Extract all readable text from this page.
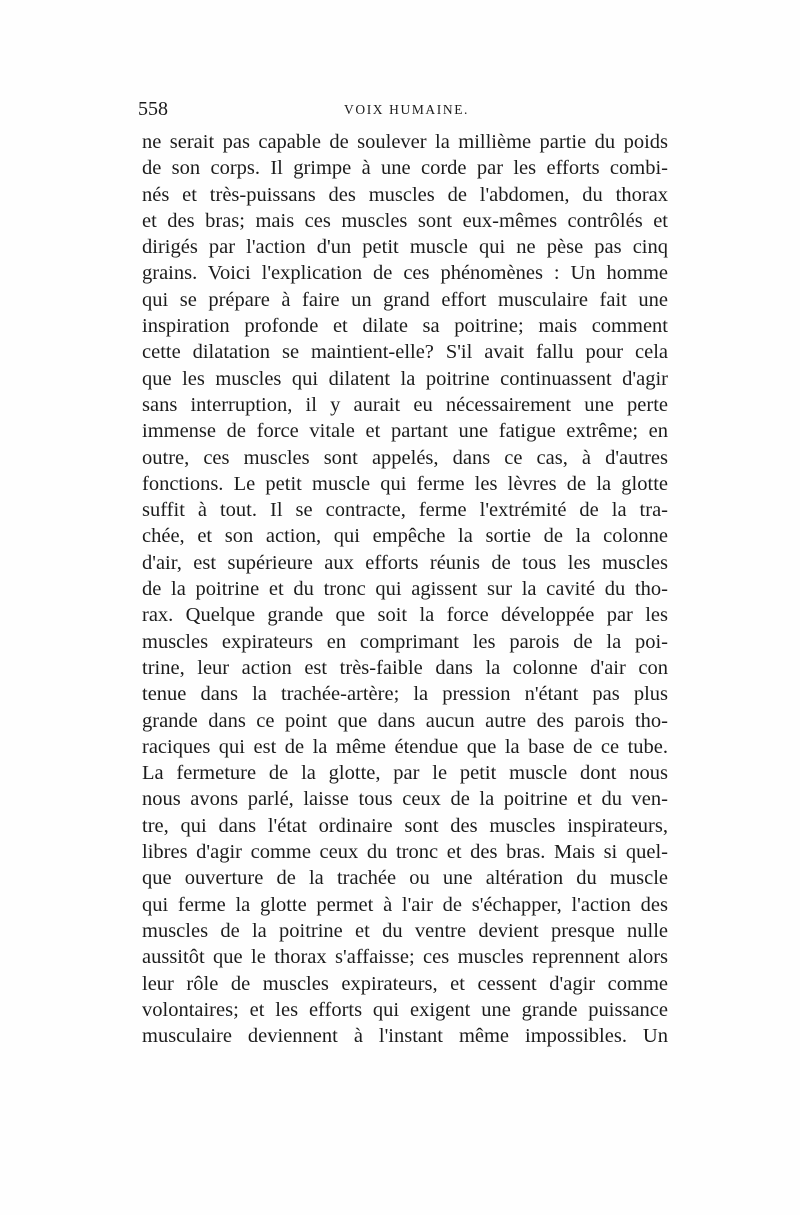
558	VOIX HUMAINE.
ne serait pas capable de soulever la millième partie du poids
de son corps. Il grimpe à une corde par les efforts combi-
nés et très-puissans des muscles de l'abdomen, du thorax
et des bras; mais ces muscles sont eux-mêmes contrôlés et
dirigés par l'action d'un petit muscle qui ne pèse pas cinq
grains. Voici l'explication de ces phénomènes : Un homme
qui se prépare à faire un grand effort musculaire fait une
inspiration profonde et dilate sa poitrine; mais comment
cette dilatation se maintient-elle? S'il avait fallu pour cela
que les muscles qui dilatent la poitrine continuassent d'agir
sans interruption, il y aurait eu nécessairement une perte
immense de force vitale et partant une fatigue extrême; en
outre, ces muscles sont appelés, dans ce cas, à d'autres
fonctions. Le petit muscle qui ferme les lèvres de la glotte
suffit à tout. Il se contracte, ferme l'extrémité de la tra-
chée, et son action, qui empêche la sortie de la colonne
d'air, est supérieure aux efforts réunis de tous les muscles
de la poitrine et du tronc qui agissent sur la cavité du tho-
rax. Quelque grande que soit la force développée par les
muscles expirateurs en comprimant les parois de la poi-
trine, leur action est très-faible dans la colonne d'air con
tenue dans la trachée-artère; la pression n'étant pas plus
grande dans ce point que dans aucun autre des parois tho-
raciques qui est de la même étendue que la base de ce tube.
La fermeture de la glotte, par le petit muscle dont nous
nous avons parlé, laisse tous ceux de la poitrine et du ven-
tre, qui dans l'état ordinaire sont des muscles inspirateurs,
libres d'agir comme ceux du tronc et des bras. Mais si quel-
que ouverture de la trachée ou une altération du muscle
qui ferme la glotte permet à l'air de s'échapper, l'action des
muscles de la poitrine et du ventre devient presque nulle
aussitôt que le thorax s'affaisse; ces muscles reprennent alors
leur rôle de muscles expirateurs, et cessent d'agir comme
volontaires; et les efforts qui exigent une grande puissance
musculaire deviennent à l'instant même impossibles. Un
